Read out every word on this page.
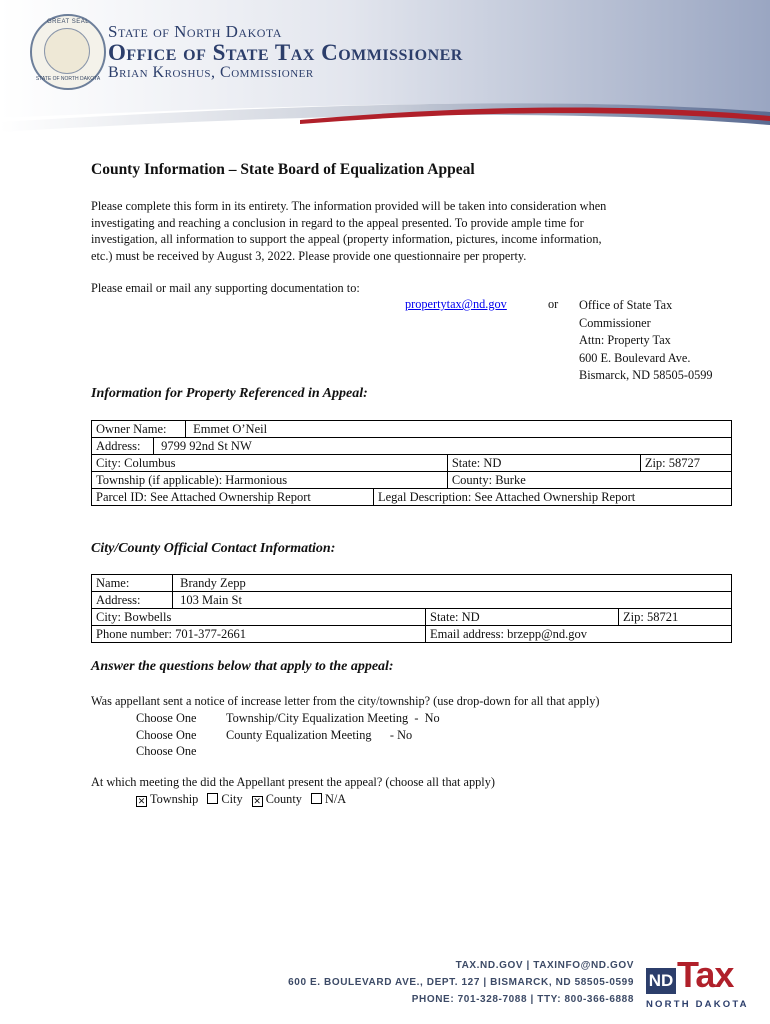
GREAT SEAL
STATE OF NORTH DAKOTA
State of North Dakota
Office of State Tax Commissioner
Brian Kroshus, Commissioner
County Information – State Board of Equalization Appeal
Please complete this form in its entirety. The information provided will be taken into consideration when
investigating and reaching a conclusion in regard to the appeal presented. To provide ample time for
investigation, all information to support the appeal (property information, pictures, income information,
etc.) must be received by August 3, 2022. Please provide one questionnaire per property.
Please email or mail any supporting documentation to:
propertytax@nd.gov	or Office of State Tax
Commissioner
Attn: Property Tax
600 E. Boulevard Ave.
Bismarck, ND 58505-0599
Information for Property Referenced in Appeal:
Owner Name: Emmet O’Neil			
Address: 9799 92nd St NW			
City: Columbus		State: ND	Zip: 58727
Township (if applicable): Harmonious		County: Burke	
Parcel ID: See Attached Ownership Report	Legal Description: See Attached Ownership Report		
City/County Official Contact Information:
Name: Brandy Zepp		
Address: 103 Main St		
City: Bowbells	State: ND	Zip: 58721
Phone number: 701-377-2661	Email address: brzepp@nd.gov	
Answer the questions below that apply to the appeal:
Was appellant sent a notice of increase letter from the city/township? (use drop-down for all that apply)
Choose One Township/City Equalization Meeting  -  No
Choose One County Equalization Meeting      - No
Choose One
At which meeting the did the Appellant present the appeal? (choose all that apply)
✕ Township City ✕ County N/A
TAX.ND.GOV | TAXINFO@ND.GOV
600 E. BOULEVARD AVE., DEPT. 127 | BISMARCK, ND 58505-0599
PHONE: 701-328-7088 | TTY: 800-366-6888
ND Tax
NORTH DAKOTA
